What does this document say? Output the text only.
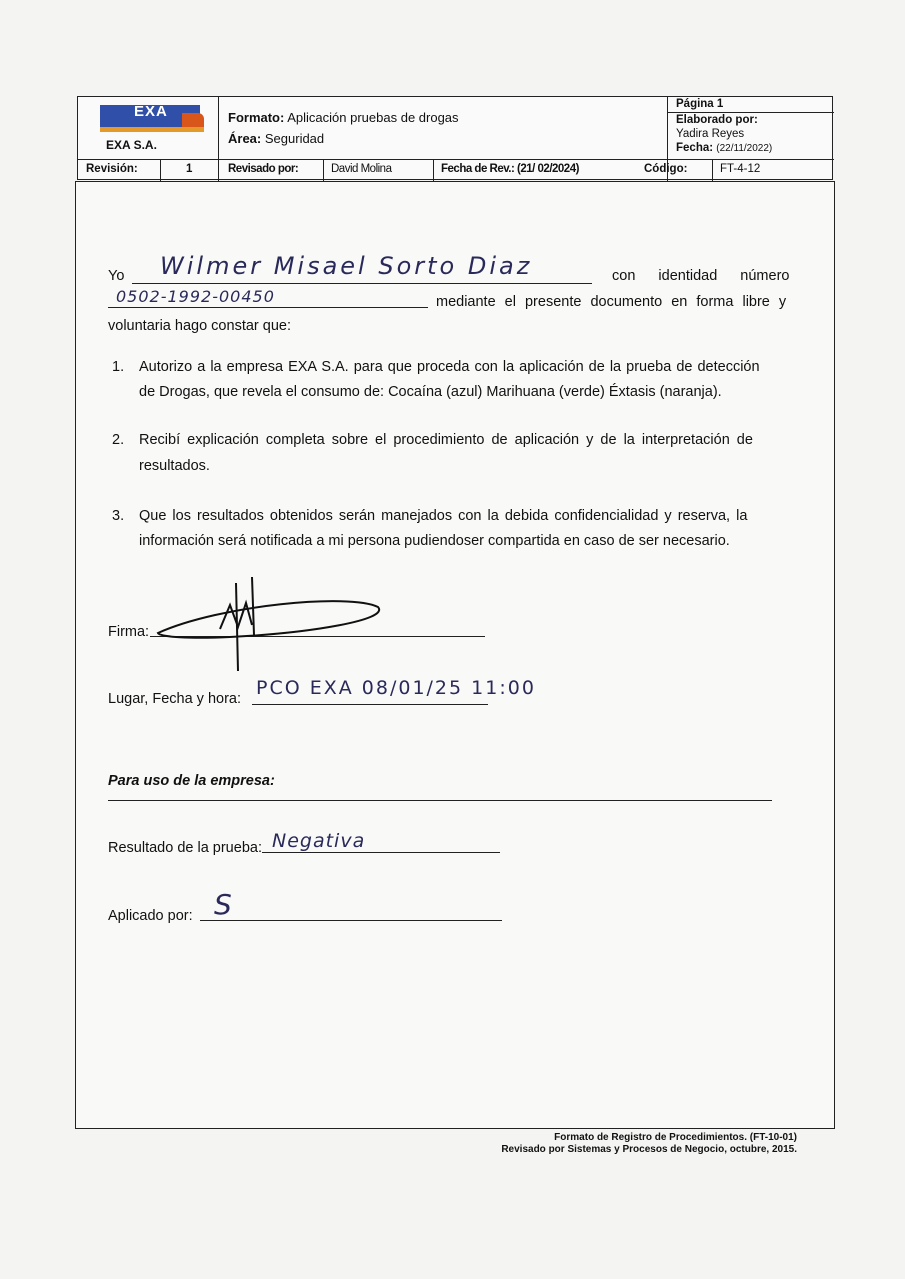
EXA
EXA S.A.
Formato: Aplicación pruebas de drogas
Área: Seguridad
Página 1
Elaborado por:
Yadira Reyes
Fecha: (22/11/2022)
Revisión:	1	Revisado por:	David Molina	Fecha de Rev.: (21/ 02/2024)	Código:	FT-4-12
Yo Wilmer Misael Sorto Diaz	con identidad número
0502-1992-00450	mediante el presente documento en forma libre y
voluntaria hago constar que:
1. Autorizo a la empresa EXA S.A. para que proceda con la aplicación de la prueba de detección
de Drogas, que revela el consumo de: Cocaína (azul) Marihuana (verde) Éxtasis (naranja).
2. Recibí explicación completa sobre el procedimiento de aplicación y de la interpretación de
resultados.
3. Que los resultados obtenidos serán manejados con la debida confidencialidad y reserva, la
información será notificada a mi persona pudiendoser compartida en caso de ser necesario.
Firma:
Lugar, Fecha y hora: PCO EXA 08/01/25 11:00
Para uso de la empresa:
Resultado de la prueba: Negativa
Aplicado por: S
Formato de Registro de Procedimientos. (FT-10-01)
Revisado por Sistemas y Procesos de Negocio, octubre, 2015.
